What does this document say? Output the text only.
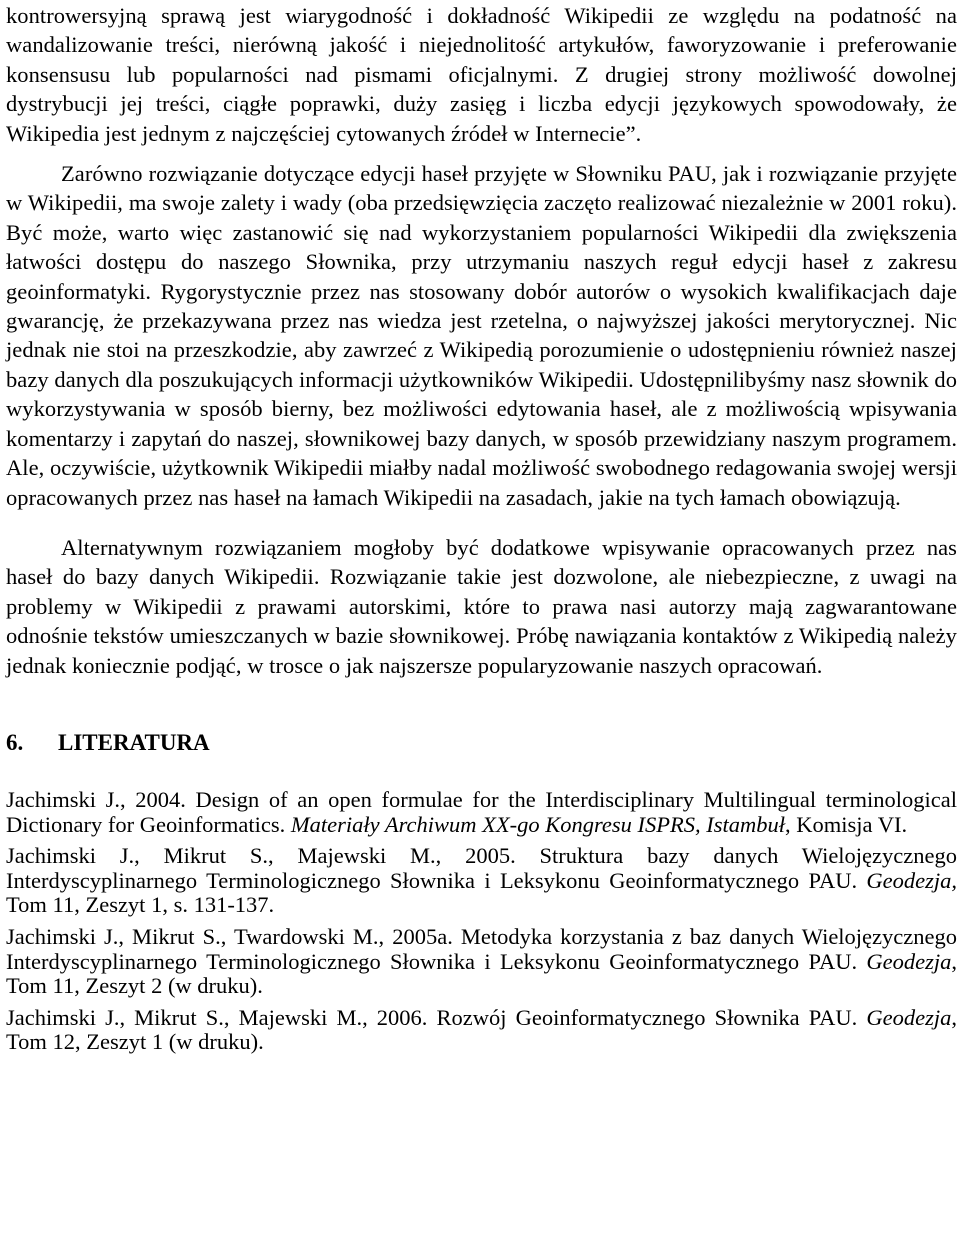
kontrowersyjną sprawą jest wiarygodność i dokładność Wikipedii ze względu na podatność na wandalizowanie treści, nierówną jakość i niejednolitość artykułów, faworyzowanie i preferowanie konsensusu lub popularności nad pismami oficjalnymi. Z drugiej strony możliwość dowolnej dystrybucji jej treści, ciągłe poprawki, duży zasięg i liczba edycji językowych spowodowały, że Wikipedia jest jednym z najczęściej cytowanych źródeł w Internecie”.

Zarówno rozwiązanie dotyczące edycji haseł przyjęte w Słowniku PAU, jak i rozwiązanie przyjęte w Wikipedii, ma swoje zalety i wady (oba przedsięwzięcia zaczęto realizować niezależnie w 2001 roku). Być może, warto więc zastanowić się nad wykorzystaniem popularności Wikipedii dla zwiększenia łatwości dostępu do naszego Słownika, przy utrzymaniu naszych reguł edycji haseł z zakresu geoinformatyki. Rygorystycznie przez nas stosowany dobór autorów o wysokich kwalifikacjach daje gwarancję, że przekazywana przez nas wiedza jest rzetelna, o najwyższej jakości merytorycznej. Nic jednak nie stoi na przeszkodzie, aby zawrzeć z Wikipedią porozumienie o udostępnieniu również naszej bazy danych dla poszukujących informacji użytkowników Wikipedii. Udostępnilibyśmy nasz słownik do wykorzystywania w sposób bierny, bez możliwości edytowania haseł, ale z możliwością wpisywania komentarzy i zapytań do naszej, słownikowej bazy danych, w sposób przewidziany naszym programem. Ale, oczywiście, użytkownik Wikipedii miałby nadal możliwość swobodnego redagowania swojej wersji opracowanych przez nas haseł na łamach Wikipedii na zasadach, jakie na tych łamach obowiązują.

Alternatywnym rozwiązaniem mogłoby być dodatkowe wpisywanie opracowanych przez nas haseł do bazy danych Wikipedii. Rozwiązanie takie jest dozwolone, ale niebezpieczne, z uwagi na problemy w Wikipedii z prawami autorskimi, które to prawa nasi autorzy mają zagwarantowane odnośnie tekstów umieszczanych w bazie słownikowej. Próbę nawiązania kontaktów z Wikipedią należy jednak koniecznie podjąć, w trosce o jak najszersze popularyzowanie naszych opracowań.

6. LITERATURA

Jachimski J., 2004. Design of an open formulae for the Interdisciplinary Multilingual terminological Dictionary for Geoinformatics. Materiały Archiwum XX-go Kongresu ISPRS, Istambuł, Komisja VI.

Jachimski J., Mikrut S., Majewski M., 2005. Struktura bazy danych Wielojęzycznego Interdyscyplinarnego Terminologicznego Słownika i Leksykonu Geoinformatycznego PAU. Geodezja, Tom 11, Zeszyt 1, s. 131-137.

Jachimski J., Mikrut S., Twardowski M., 2005a. Metodyka korzystania z baz danych Wielojęzycznego Interdyscyplinarnego Terminologicznego Słownika i Leksykonu Geoinformatycznego PAU. Geodezja, Tom 11, Zeszyt 2 (w druku).

Jachimski J., Mikrut S., Majewski M., 2006. Rozwój Geoinformatycznego Słownika PAU. Geodezja, Tom 12, Zeszyt 1 (w druku).
